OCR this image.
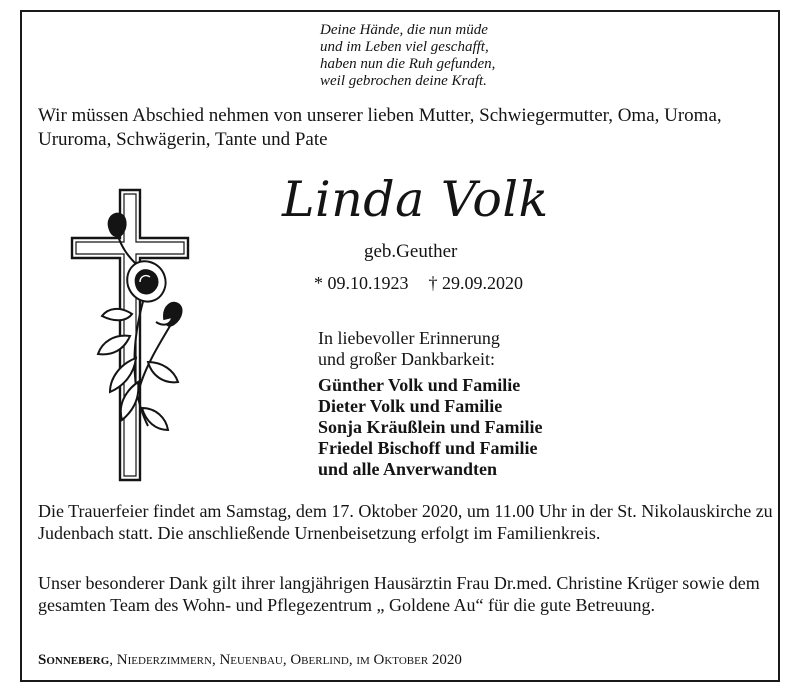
Deine Hände, die nun müde
und im Leben viel geschafft,
haben nun die Ruh gefunden,
weil gebrochen deine Kraft.
Wir müssen Abschied nehmen von unserer lieben Mutter, Schwiegermutter, Oma, Uroma, Ururoma, Schwägerin, Tante und Pate
Linda Volk
geb.Geuther
* 09.10.1923 † 29.09.2020
In liebevoller Erinnerung
und großer Dankbarkeit:
Günther Volk und Familie
Dieter Volk und Familie
Sonja Kräußlein und Familie
Friedel Bischoff und Familie
und alle Anverwandten
Die Trauerfeier findet am Samstag, dem 17. Oktober 2020, um 11.00 Uhr in der St. Nikolauskirche zu Judenbach statt. Die anschließende Urnenbeisetzung erfolgt im Familienkreis.
Unser besonderer Dank gilt ihrer langjährigen Hausärztin Frau Dr.med. Christine Krüger sowie dem gesamten Team des Wohn- und Pflegezentrum „ Goldene Au“ für die gute Betreuung.
Sonneberg, Niederzimmern, Neuenbau, Oberlind, im Oktober 2020
